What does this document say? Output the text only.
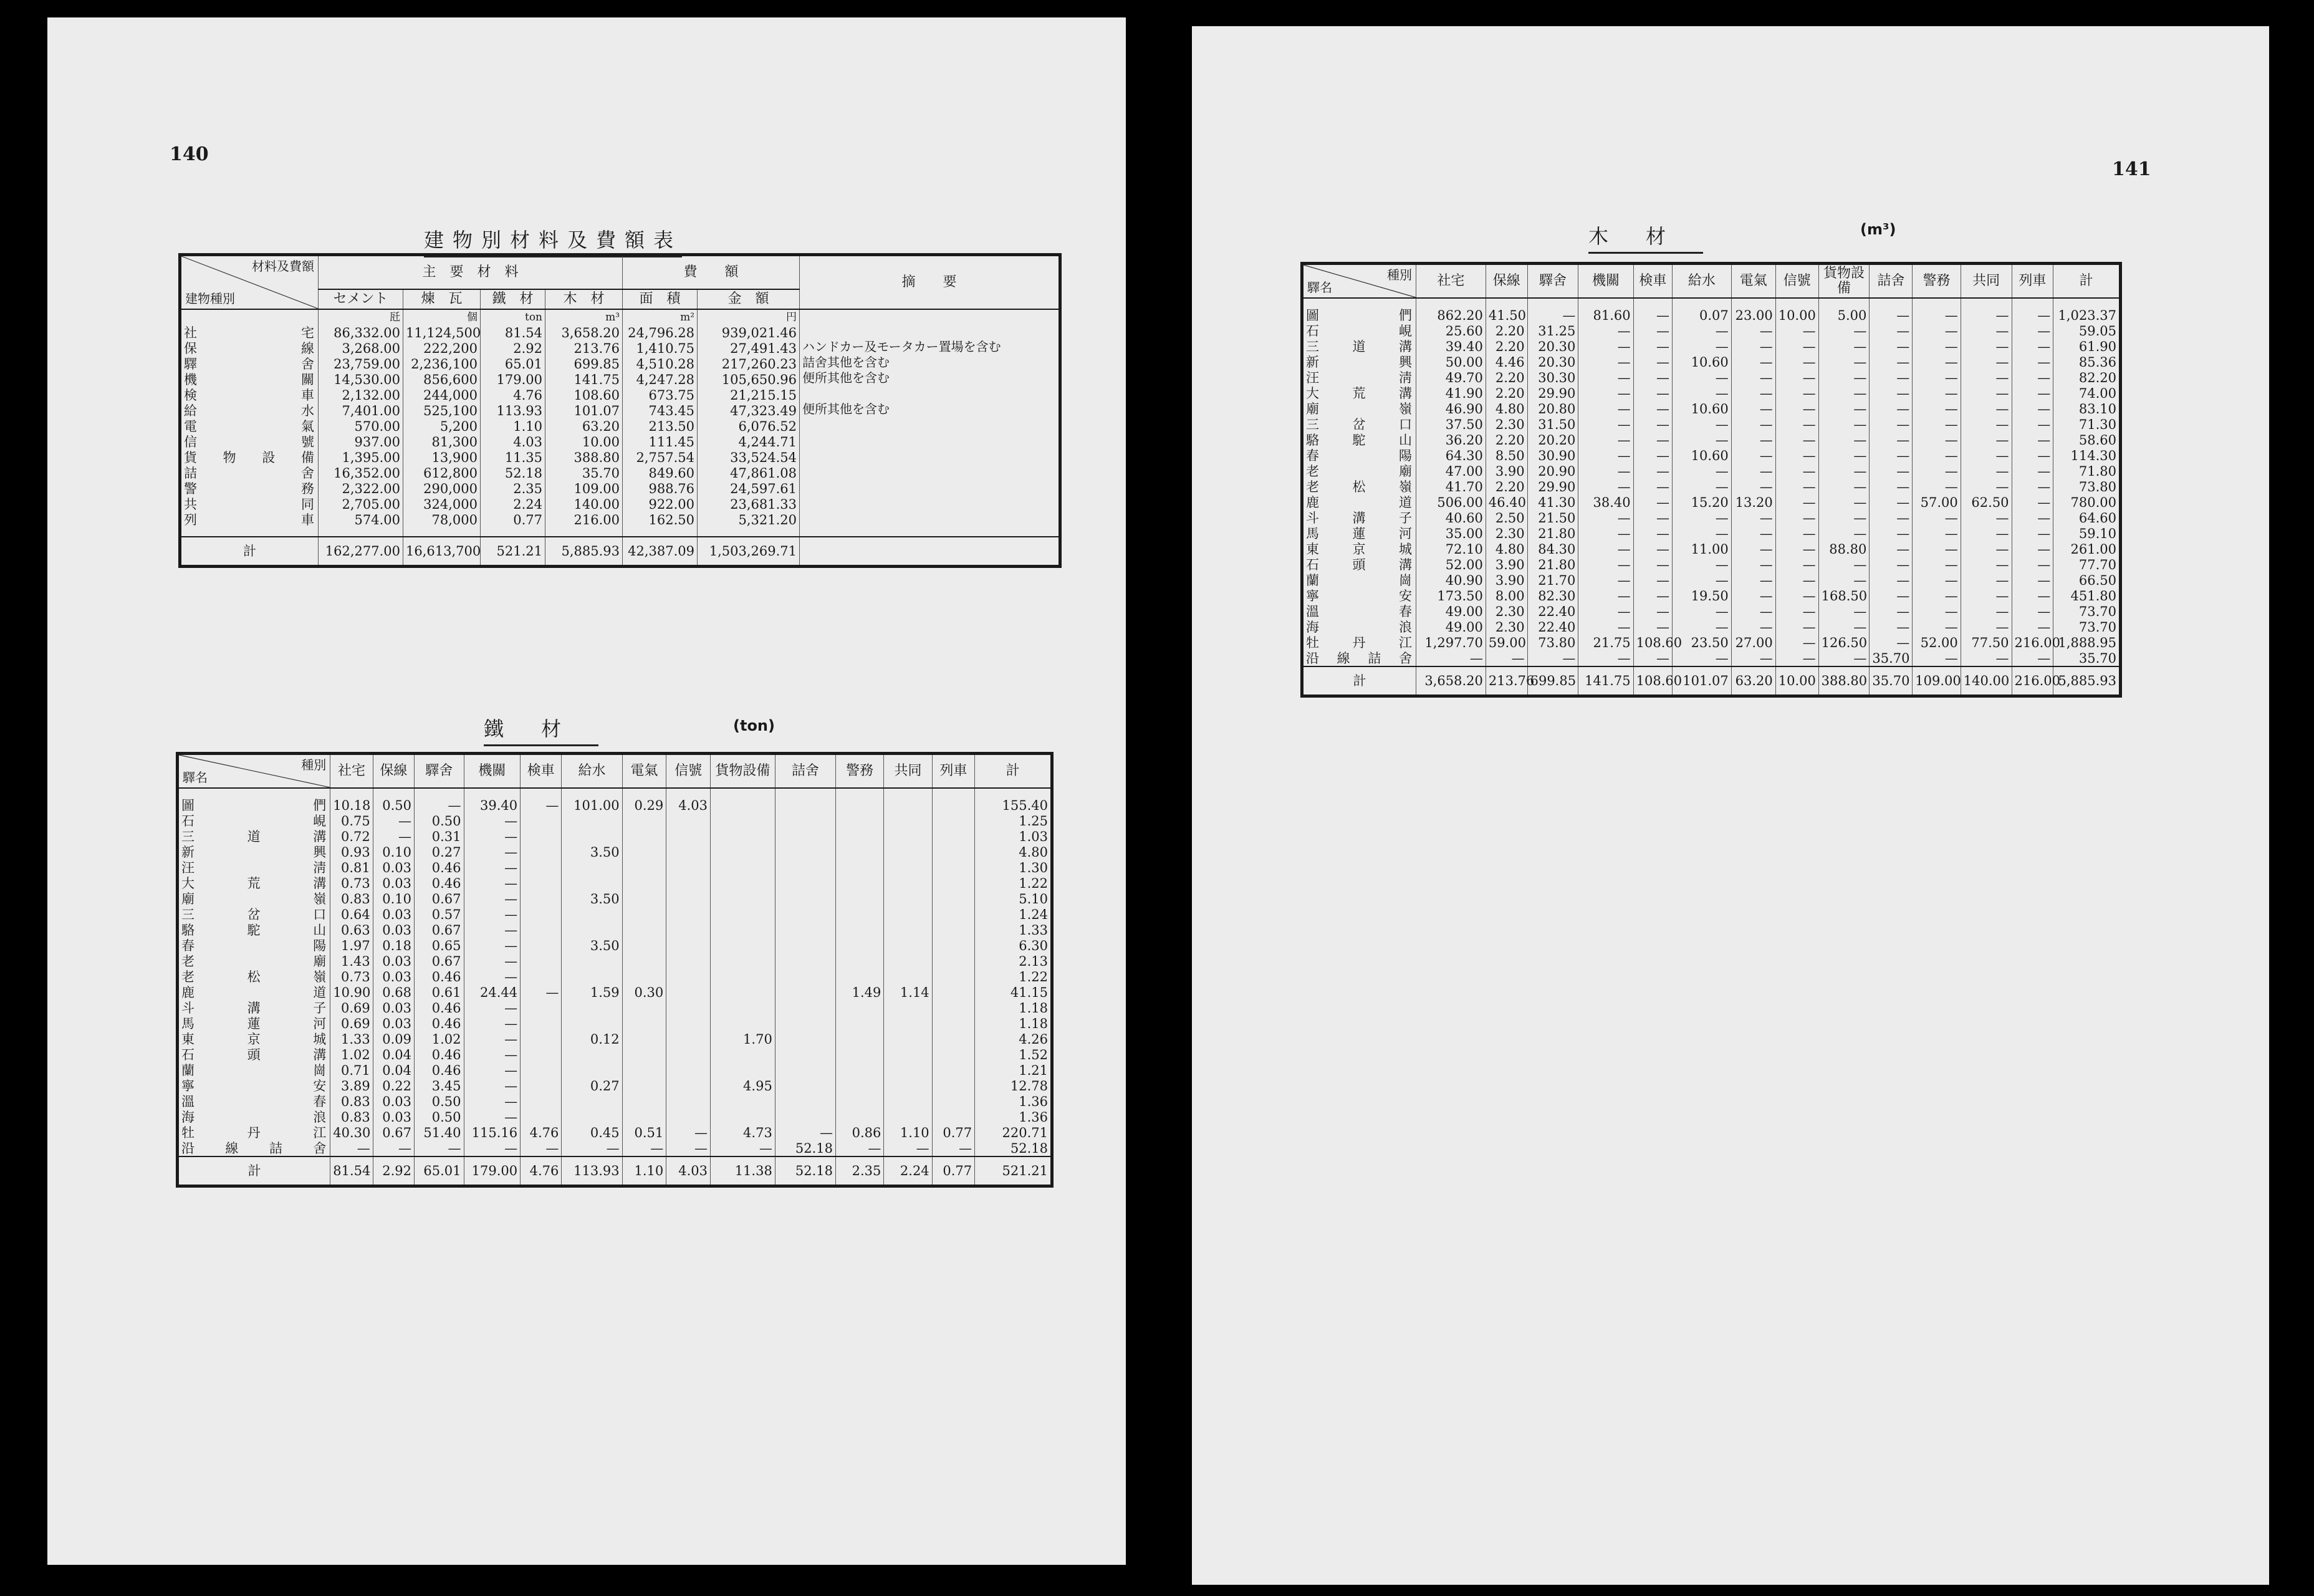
140
建物別材料及費額表
材料及費額
建物種別	主　要　材　料				費　　額		摘　　要
	セメント	煉　瓦	鐵　材	木　材	面　積	金　額	
	瓩	個	ton	m³	m²	円	
社宅	86,332.00	11,124,500	81.54	3,658.20	24,796.28	939,021.46	
保線	3,268.00	222,200	2.92	213.76	1,410.75	27,491.43	ハンドカー及モータカー置場を含む
驛舍	23,759.00	2,236,100	65.01	699.85	4,510.28	217,260.23	詰舍其他を含む
機關	14,530.00	856,600	179.00	141.75	4,247.28	105,650.96	便所其他を含む
検車	2,132.00	244,000	4.76	108.60	673.75	21,215.15	
給水	7,401.00	525,100	113.93	101.07	743.45	47,323.49	便所其他を含む
電氣	570.00	5,200	1.10	63.20	213.50	6,076.52	
信號	937.00	81,300	4.03	10.00	111.45	4,244.71	
貨物設備	1,395.00	13,900	11.35	388.80	2,757.54	33,524.54	
詰舍	16,352.00	612,800	52.18	35.70	849.60	47,861.08	
警務	2,322.00	290,000	2.35	109.00	988.76	24,597.61	
共同	2,705.00	324,000	2.24	140.00	922.00	23,681.33	
列車	574.00	78,000	0.77	216.00	162.50	5,321.20	

計	162,277.00	16,613,700	521.21	5,885.93	42,387.09	1,503,269.71	
鐵材	(ton)
種別
驛名	社宅	保線	驛舍	機關	検車	給水	電氣	信號	貨物設備	詰舍	警務	共同	列車	計

圖們	10.18	0.50	—	39.40	—	101.00	0.29	4.03						155.40
石峴	0.75	—	0.50	—										1.25
三道溝	0.72	—	0.31	—										1.03
新興	0.93	0.10	0.27	—		3.50								4.80
汪淸	0.81	0.03	0.46	—										1.30
大荒溝	0.73	0.03	0.46	—										1.22
廟嶺	0.83	0.10	0.67	—		3.50								5.10
三岔口	0.64	0.03	0.57	—										1.24
駱駝山	0.63	0.03	0.67	—										1.33
春陽	1.97	0.18	0.65	—		3.50								6.30
老廟	1.43	0.03	0.67	—										2.13
老松嶺	0.73	0.03	0.46	—										1.22
鹿道	10.90	0.68	0.61	24.44	—	1.59	0.30				1.49	1.14		41.15
斗溝子	0.69	0.03	0.46	—										1.18
馬蓮河	0.69	0.03	0.46	—										1.18
東京城	1.33	0.09	1.02	—		0.12			1.70					4.26
石頭溝	1.02	0.04	0.46	—										1.52
蘭崗	0.71	0.04	0.46	—										1.21
寧安	3.89	0.22	3.45	—		0.27			4.95					12.78
溫春	0.83	0.03	0.50	—										1.36
海浪	0.83	0.03	0.50	—										1.36
牡丹江	40.30	0.67	51.40	115.16	4.76	0.45	0.51	—	4.73	—	0.86	1.10	0.77	220.71
沿線詰舍	—	—	—	—	—	—	—	—	—	52.18	—	—	—	52.18
計	81.54	2.92	65.01	179.00	4.76	113.93	1.10	4.03	11.38	52.18	2.35	2.24	0.77	521.21
141
木材	(m³)
種別
驛名	社宅	保線	驛舍	機關	検車	給水	電氣	信號	貨物設備	詰舍	警務	共同	列車	計

圖們	862.20	41.50	—	81.60	—	0.07	23.00	10.00	5.00	—	—	—	—	1,023.37
石峴	25.60	2.20	31.25	—	—	—	—	—	—	—	—	—	—	59.05
三道溝	39.40	2.20	20.30	—	—	—	—	—	—	—	—	—	—	61.90
新興	50.00	4.46	20.30	—	—	10.60	—	—	—	—	—	—	—	85.36
汪淸	49.70	2.20	30.30	—	—	—	—	—	—	—	—	—	—	82.20
大荒溝	41.90	2.20	29.90	—	—	—	—	—	—	—	—	—	—	74.00
廟嶺	46.90	4.80	20.80	—	—	10.60	—	—	—	—	—	—	—	83.10
三岔口	37.50	2.30	31.50	—	—	—	—	—	—	—	—	—	—	71.30
駱駝山	36.20	2.20	20.20	—	—	—	—	—	—	—	—	—	—	58.60
春陽	64.30	8.50	30.90	—	—	10.60	—	—	—	—	—	—	—	114.30
老廟	47.00	3.90	20.90	—	—	—	—	—	—	—	—	—	—	71.80
老松嶺	41.70	2.20	29.90	—	—	—	—	—	—	—	—	—	—	73.80
鹿道	506.00	46.40	41.30	38.40	—	15.20	13.20	—	—	—	57.00	62.50	—	780.00
斗溝子	40.60	2.50	21.50	—	—	—	—	—	—	—	—	—	—	64.60
馬蓮河	35.00	2.30	21.80	—	—	—	—	—	—	—	—	—	—	59.10
東京城	72.10	4.80	84.30	—	—	11.00	—	—	88.80	—	—	—	—	261.00
石頭溝	52.00	3.90	21.80	—	—	—	—	—	—	—	—	—	—	77.70
蘭崗	40.90	3.90	21.70	—	—	—	—	—	—	—	—	—	—	66.50
寧安	173.50	8.00	82.30	—	—	19.50	—	—	168.50	—	—	—	—	451.80
溫春	49.00	2.30	22.40	—	—	—	—	—	—	—	—	—	—	73.70
海浪	49.00	2.30	22.40	—	—	—	—	—	—	—	—	—	—	73.70
牡丹江	1,297.70	59.00	73.80	21.75	108.60	23.50	27.00	—	126.50	—	52.00	77.50	216.00	1,888.95
沿線詰舍	—	—	—	—	—	—	—	—	—	35.70	—	—	—	35.70
計	3,658.20	213.76	699.85	141.75	108.60	101.07	63.20	10.00	388.80	35.70	109.00	140.00	216.00	5,885.93
